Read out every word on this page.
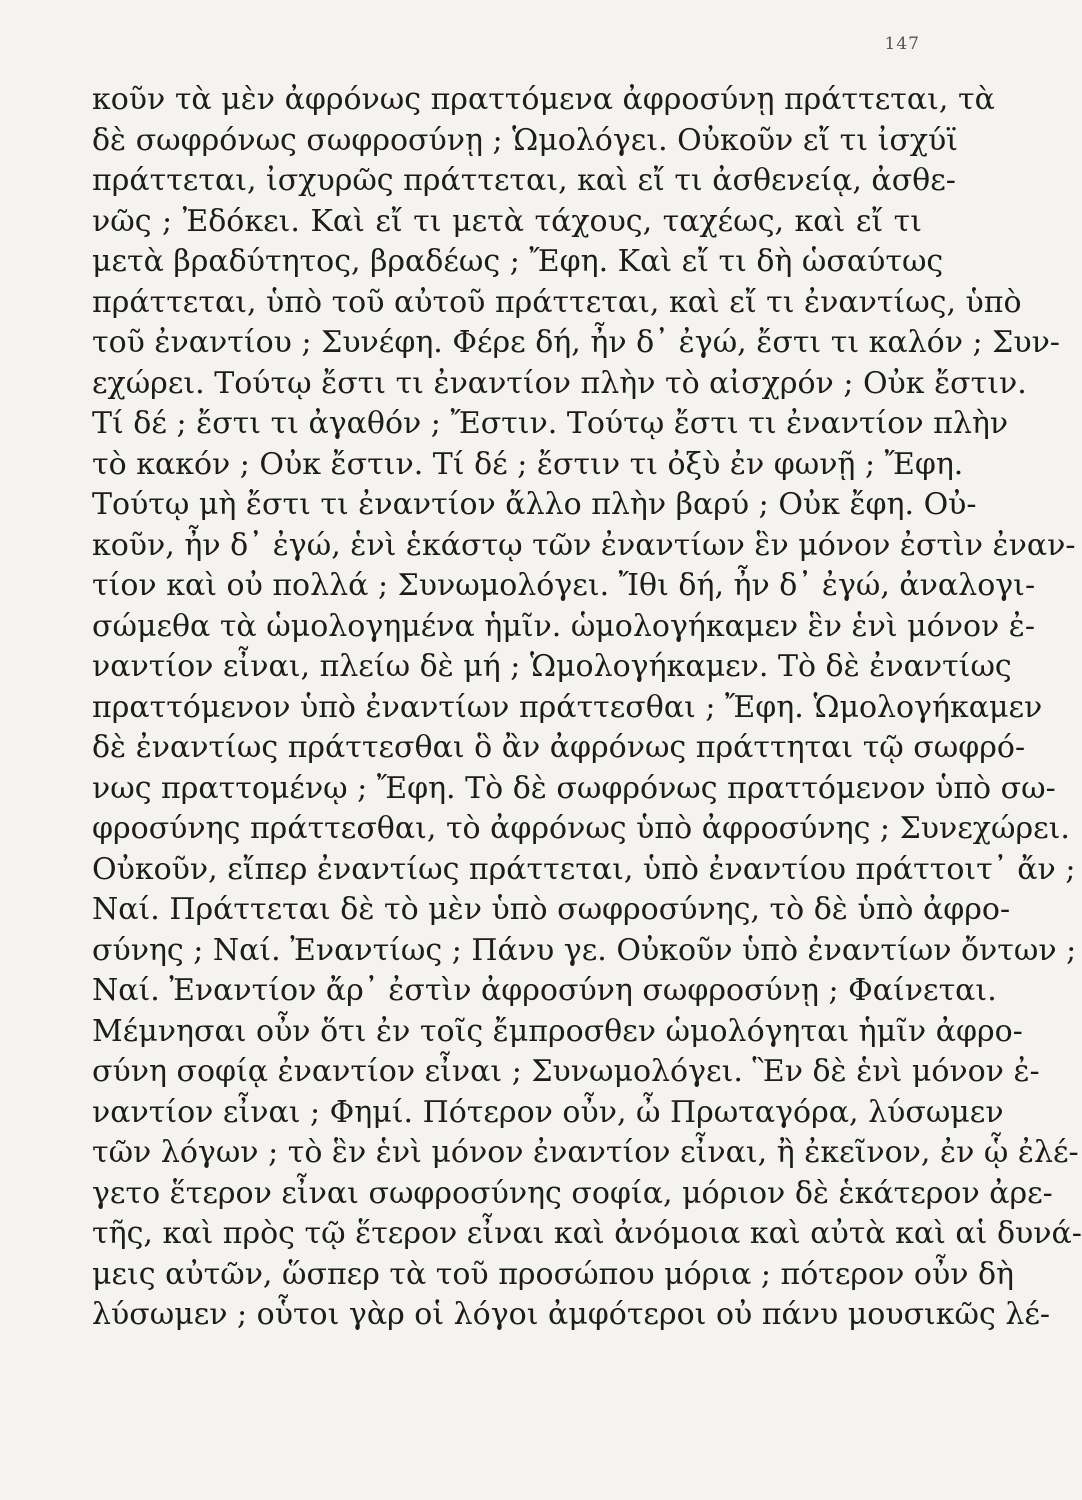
147
κοῦν τὰ μὲν ἀφρόνως πραττόμενα ἀφροσύνῃ πράττεται, τὰ
δὲ σωφρόνως σωφροσύνῃ ; Ὡμολόγει. Οὐκοῦν εἴ τι ἰσχύϊ
πράττεται, ἰσχυρῶς πράττεται, καὶ εἴ τι ἀσθενείᾳ, ἀσθε-
νῶς ; Ἐδόκει. Καὶ εἴ τι μετὰ τάχους, ταχέως, καὶ εἴ τι
μετὰ βραδύτητος, βραδέως ; Ἔφη. Καὶ εἴ τι δὴ ὡσαύτως
πράττεται, ὑπὸ τοῦ αὐτοῦ πράττεται, καὶ εἴ τι ἐναντίως, ὑπὸ
τοῦ ἐναντίου ; Συνέφη. Φέρε δή, ἦν δ᾿ ἐγώ, ἔστι τι καλόν ; Συν-
εχώρει. Τούτῳ ἔστι τι ἐναντίον πλὴν τὸ αἰσχρόν ; Οὐκ ἔστιν.
Τί δέ ; ἔστι τι ἀγαθόν ; Ἔστιν. Τούτῳ ἔστι τι ἐναντίον πλὴν
τὸ κακόν ; Οὐκ ἔστιν. Τί δέ ; ἔστιν τι ὀξὺ ἐν φωνῇ ; Ἔφη.
Τούτῳ μὴ ἔστι τι ἐναντίον ἄλλο πλὴν βαρύ ; Οὐκ ἔφη. Οὐ-
κοῦν, ἦν δ᾿ ἐγώ, ἑνὶ ἑκάστῳ τῶν ἐναντίων ἓν μόνον ἐστὶν ἐναν-
τίον καὶ οὐ πολλά ; Συνωμολόγει. Ἴθι δή, ἦν δ᾿ ἐγώ, ἀναλογι-
σώμεθα τὰ ὡμολογημένα ἡμῖν. ὡμολογήκαμεν ἓν ἑνὶ μόνον ἐ-
ναντίον εἶναι, πλείω δὲ μή ; Ὡμολογήκαμεν. Τὸ δὲ ἐναντίως
πραττόμενον ὑπὸ ἐναντίων πράττεσθαι ; Ἔφη. Ὡμολογήκαμεν
δὲ ἐναντίως πράττεσθαι ὃ ἂν ἀφρόνως πράττηται τῷ σωφρό-
νως πραττομένῳ ; Ἔφη. Τὸ δὲ σωφρόνως πραττόμενον ὑπὸ σω-
φροσύνης πράττεσθαι, τὸ ἀφρόνως ὑπὸ ἀφροσύνης ; Συνεχώρει.
Οὐκοῦν, εἴπερ ἐναντίως πράττεται, ὑπὸ ἐναντίου πράττοιτ᾿ ἄν ;
Ναί. Πράττεται δὲ τὸ μὲν ὑπὸ σωφροσύνης, τὸ δὲ ὑπὸ ἀφρο-
σύνης ; Ναί. Ἐναντίως ; Πάνυ γε. Οὐκοῦν ὑπὸ ἐναντίων ὄντων ;
Ναί. Ἐναντίον ἄρ᾿ ἐστὶν ἀφροσύνη σωφροσύνῃ ; Φαίνεται.
Μέμνησαι οὖν ὅτι ἐν τοῖς ἔμπροσθεν ὡμολόγηται ἡμῖν ἀφρο-
σύνη σοφίᾳ ἐναντίον εἶναι ; Συνωμολόγει. Ἓν δὲ ἑνὶ μόνον ἐ-
ναντίον εἶναι ; Φημί. Πότερον οὖν, ὦ Πρωταγόρα, λύσωμεν
τῶν λόγων ; τὸ ἓν ἑνὶ μόνον ἐναντίον εἶναι, ἢ ἐκεῖνον, ἐν ᾧ ἐλέ-
γετο ἕτερον εἶναι σωφροσύνης σοφία, μόριον δὲ ἑκάτερον ἀρε-
τῆς, καὶ πρὸς τῷ ἕτερον εἶναι καὶ ἀνόμοια καὶ αὐτὰ καὶ αἱ δυνά-
μεις αὐτῶν, ὥσπερ τὰ τοῦ προσώπου μόρια ; πότερον οὖν δὴ
λύσωμεν ; οὗτοι γὰρ οἱ λόγοι ἀμφότεροι οὐ πάνυ μουσικῶς λέ-
